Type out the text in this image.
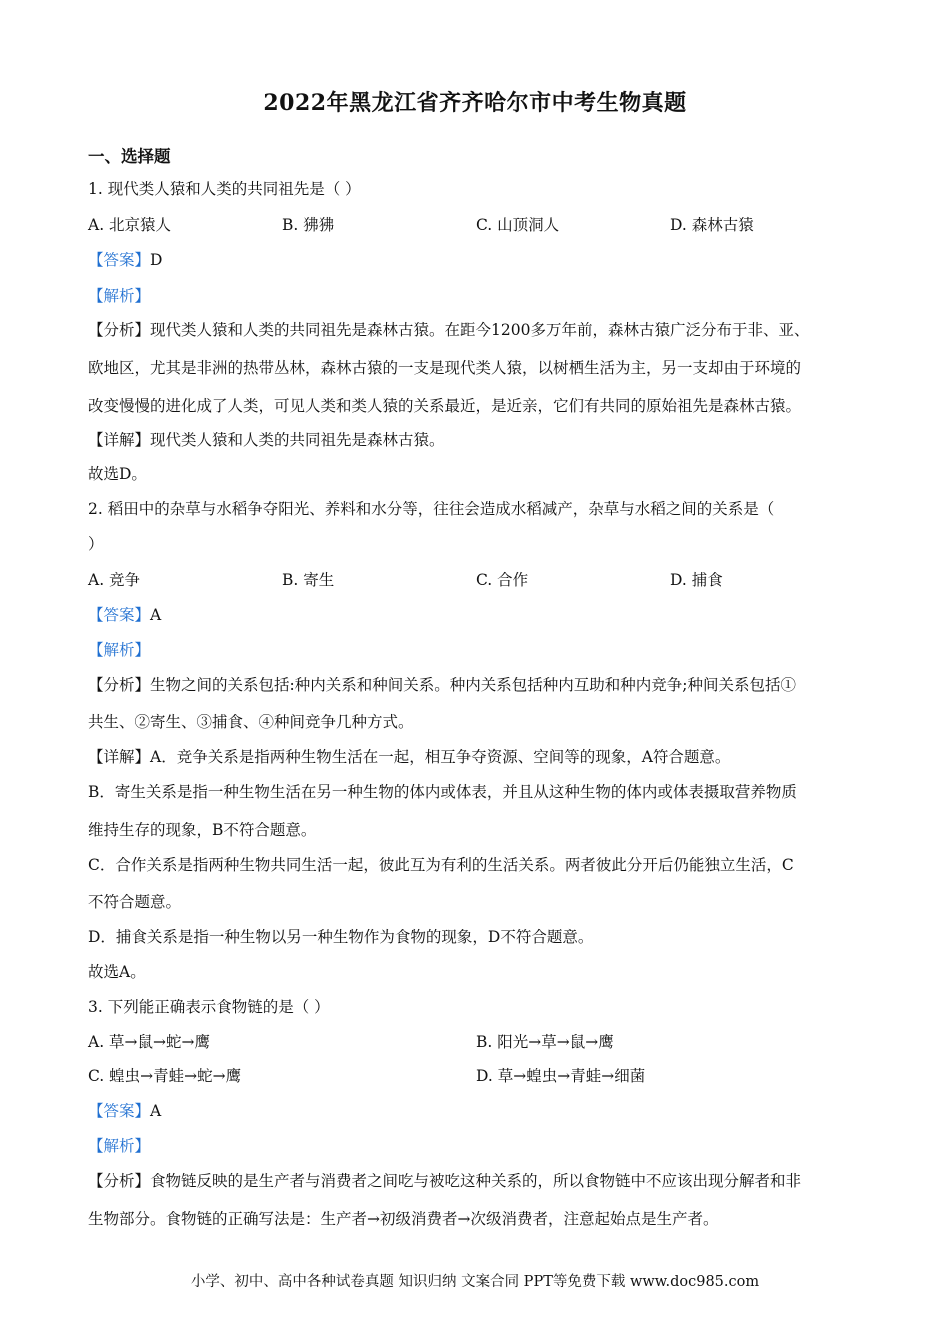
2022年黑龙江省齐齐哈尔市中考生物真题
一、选择题
1. 现代类人猿和人类的共同祖先是（ ）
A. 北京猿人	B. 狒狒	C. 山顶洞人	D. 森林古猿
【答案】D
【解析】
【分析】现代类人猿和人类的共同祖先是森林古猿。在距今1200多万年前，森林古猿广泛分布于非、亚、
欧地区，尤其是非洲的热带丛林，森林古猿的一支是现代类人猿，以树栖生活为主，另一支却由于环境的
改变慢慢的进化成了人类，可见人类和类人猿的关系最近，是近亲，它们有共同的原始祖先是森林古猿。
【详解】现代类人猿和人类的共同祖先是森林古猿。
故选D。
2. 稻田中的杂草与水稻争夺阳光、养料和水分等，往往会造成水稻减产，杂草与水稻之间的关系是（
）
A. 竞争	B. 寄生	C. 合作	D. 捕食
【答案】A
【解析】
【分析】生物之间的关系包括:种内关系和种间关系。种内关系包括种内互助和种内竞争;种间关系包括①
共生、②寄生、③捕食、④种间竞争几种方式。
【详解】A．竞争关系是指两种生物生活在一起，相互争夺资源、空间等的现象，A符合题意。
B．寄生关系是指一种生物生活在另一种生物的体内或体表，并且从这种生物的体内或体表摄取营养物质
维持生存的现象，B不符合题意。
C．合作关系是指两种生物共同生活一起，彼此互为有利的生活关系。两者彼此分开后仍能独立生活，C
不符合题意。
D．捕食关系是指一种生物以另一种生物作为食物的现象，D不符合题意。
故选A。
3. 下列能正确表示食物链的是（ ）
A. 草→鼠→蛇→鹰	B. 阳光→草→鼠→鹰
C. 蝗虫→青蛙→蛇→鹰	D. 草→蝗虫→青蛙→细菌
【答案】A
【解析】
【分析】食物链反映的是生产者与消费者之间吃与被吃这种关系的，所以食物链中不应该出现分解者和非
生物部分。食物链的正确写法是：生产者→初级消费者→次级消费者，注意起始点是生产者。
小学、初中、高中各种试卷真题 知识归纳 文案合同 PPT等免费下载 www.doc985.com
